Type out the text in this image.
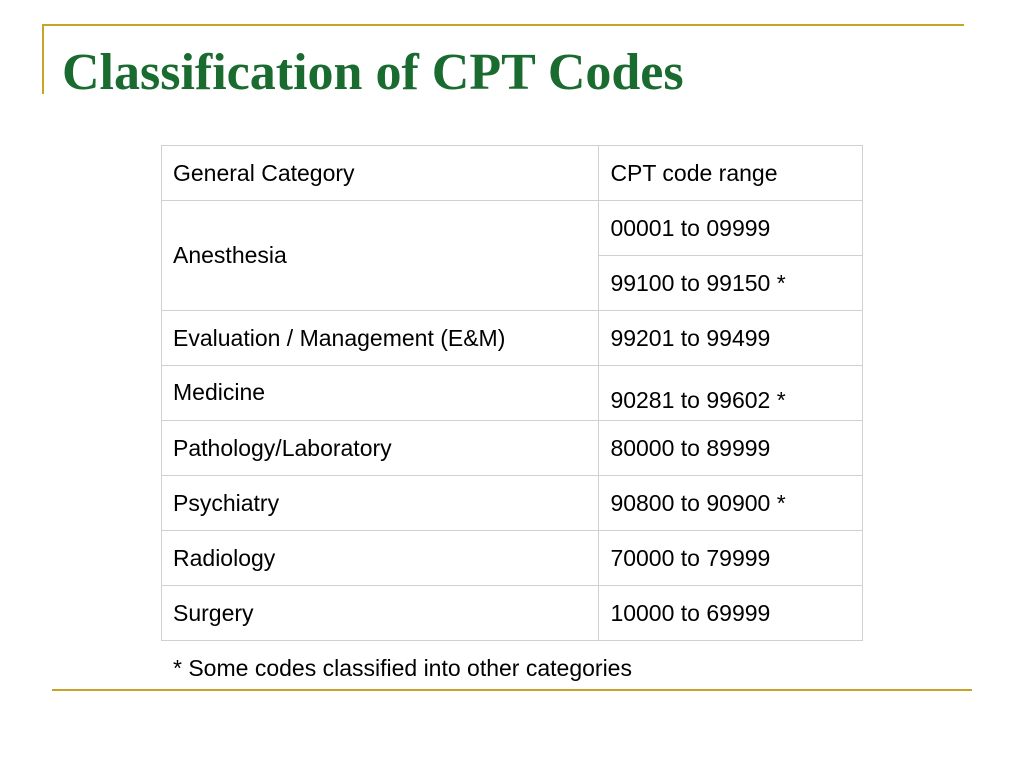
Classification of CPT Codes
General Category	CPT code range
Anesthesia	00001 to 09999
	99100 to 99150 *
Evaluation / Management (E&M)	99201 to 99499
Medicine	90281 to 99602 *
Pathology/Laboratory	80000 to 89999
Psychiatry	90800 to 90900 *
Radiology	70000 to 79999
Surgery	10000 to 69999

* Some codes classified into other categories
